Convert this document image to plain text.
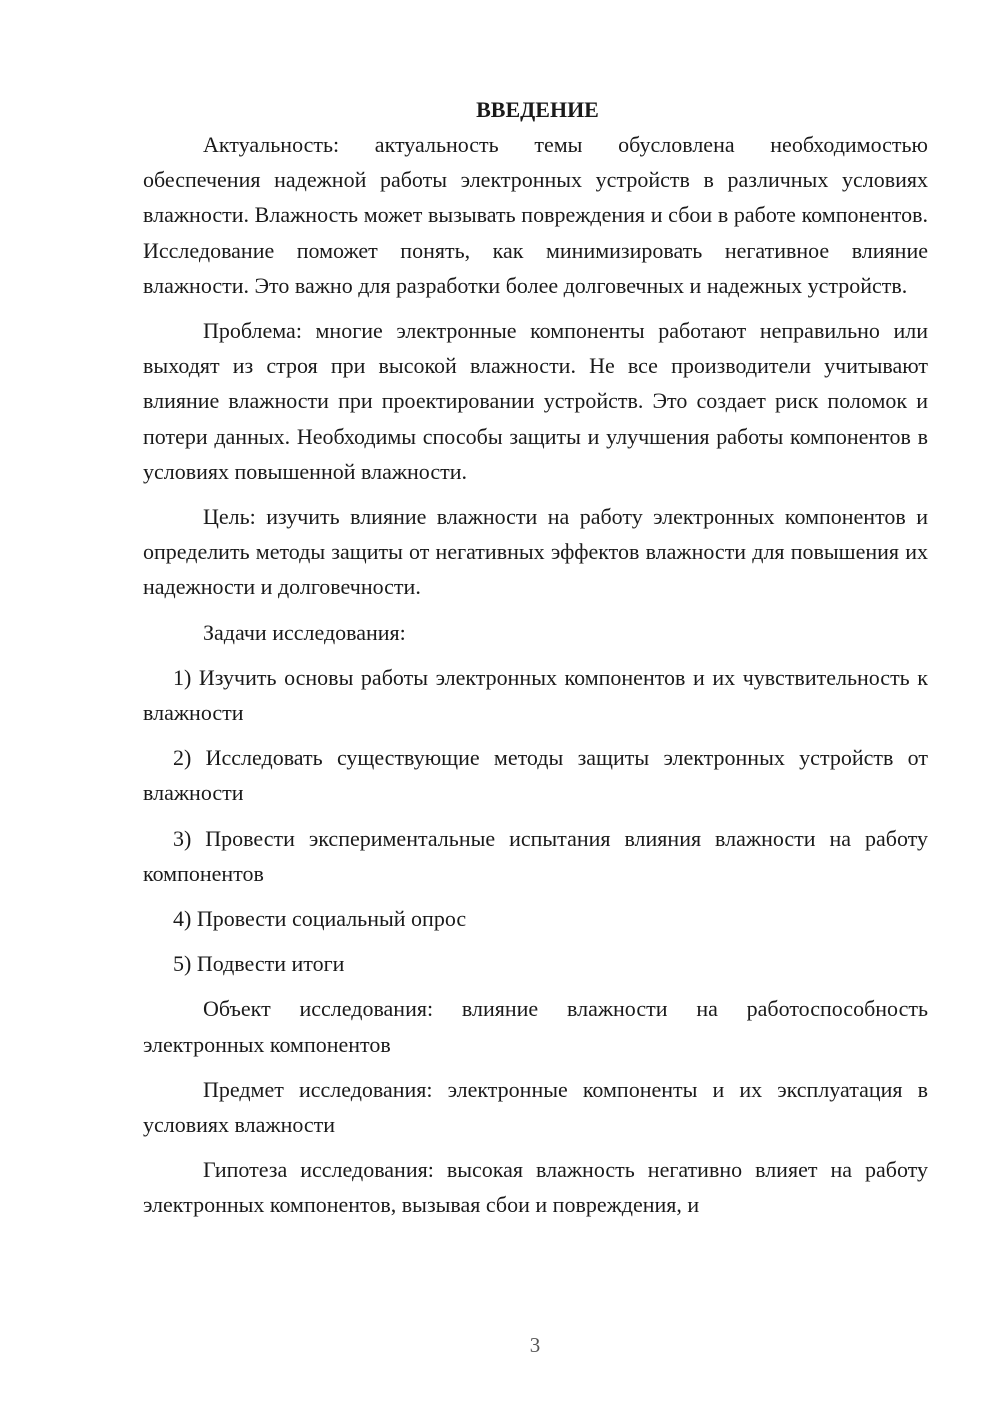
ВВЕДЕНИЕ

Актуальность: актуальность темы обусловлена необходимостью обеспечения надежной работы электронных устройств в различных условиях влажности. Влажность может вызывать повреждения и сбои в работе компонентов. Исследование поможет понять, как минимизировать негативное влияние влажности. Это важно для разработки более долговечных и надежных устройств.

Проблема: многие электронные компоненты работают неправильно или выходят из строя при высокой влажности. Не все производители учитывают влияние влажности при проектировании устройств. Это создает риск поломок и потери данных. Необходимы способы защиты и улучшения работы компонентов в условиях повышенной влажности.

Цель: изучить влияние влажности на работу электронных компонентов и определить методы защиты от негативных эффектов влажности для повышения их надежности и долговечности.

Задачи исследования:

1) Изучить основы работы электронных компонентов и их чувствительность к влажности

2) Исследовать существующие методы защиты электронных устройств от влажности

3) Провести экспериментальные испытания влияния влажности на работу компонентов

4) Провести социальный опрос

5) Подвести итоги

Объект исследования: влияние влажности на работоспособность электронных компонентов

Предмет исследования: электронные компоненты и их эксплуатация в условиях влажности

Гипотеза исследования: высокая влажность негативно влияет на работу электронных компонентов, вызывая сбои и повреждения, и

3
